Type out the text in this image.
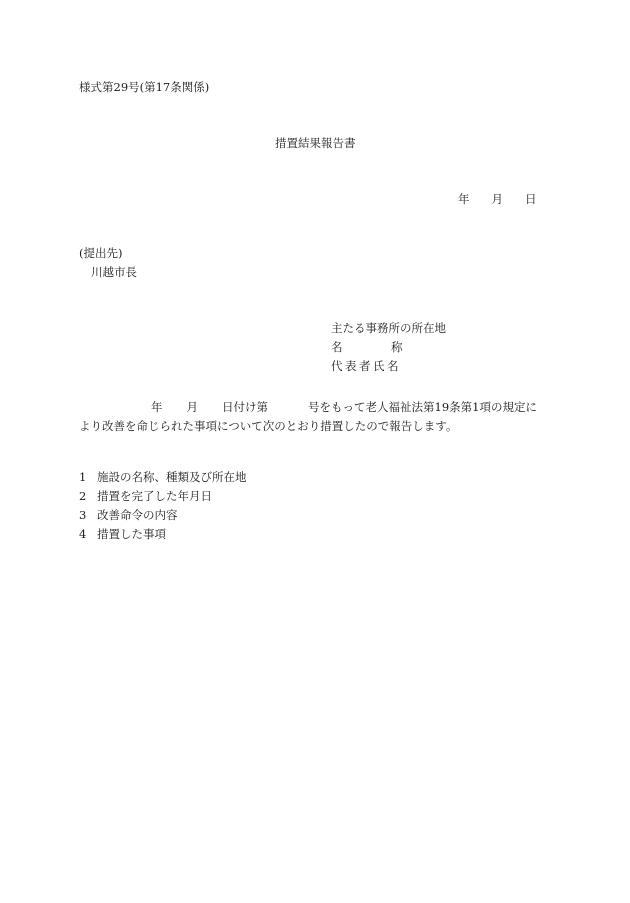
様式第29号(第17条関係)
措置結果報告書
年 月 日
(提出先)
川越市長
主たる事務所の所在地
名	称
代表者氏名
年 月 日付け第	号をもって老人福祉法第19条第1項の規定に
より改善を命じられた事項について次のとおり措置したので報告します。
1 施設の名称、種類及び所在地
2 措置を完了した年月日
3 改善命令の内容
4 措置した事項
